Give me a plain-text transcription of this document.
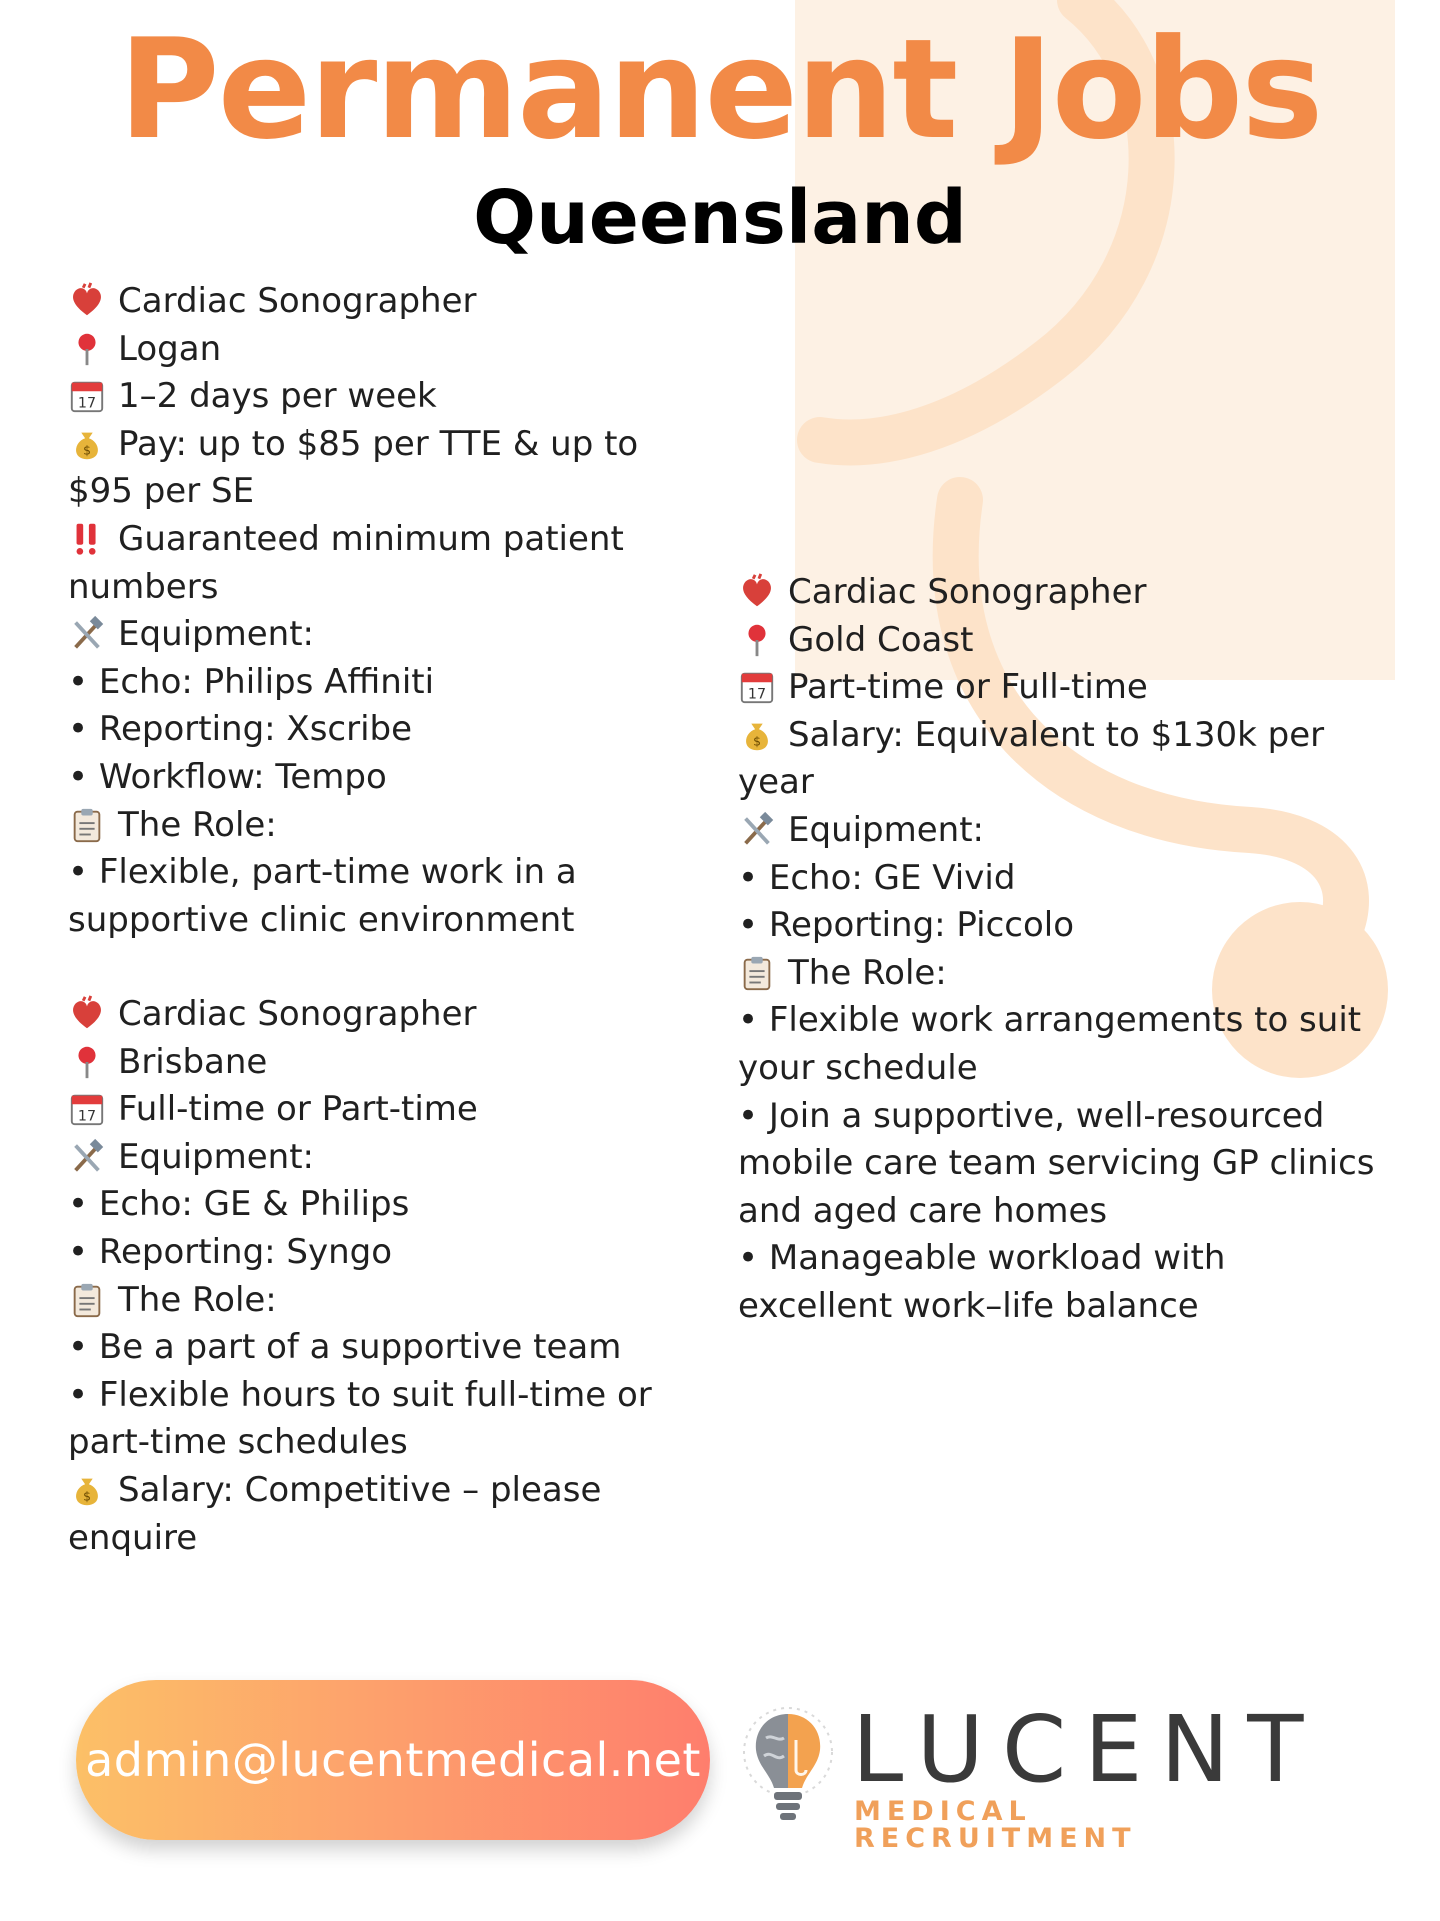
Permanent Jobs
Queensland
Cardiac Sonographer
Logan
17 1–2 days per week
$ Pay: up to $85 per TTE & up to
$95 per SE
Guaranteed minimum patient
numbers
Equipment:
• Echo: Philips Affiniti
• Reporting: Xscribe
• Workflow: Tempo
The Role:
• Flexible, part-time work in a
supportive clinic environment
Cardiac Sonographer
Brisbane
17 Full-time or Part-time
Equipment:
• Echo: GE & Philips
• Reporting: Syngo
The Role:
• Be a part of a supportive team
• Flexible hours to suit full-time or
part-time schedules
$ Salary: Competitive – please
enquire
Cardiac Sonographer
Gold Coast
17 Part-time or Full-time
$ Salary: Equivalent to $130k per
year
Equipment:
• Echo: GE Vivid
• Reporting: Piccolo
The Role:
• Flexible work arrangements to suit
your schedule
• Join a supportive, well-resourced
mobile care team servicing GP clinics
and aged care homes
• Manageable workload with
excellent work–life balance
admin@lucentmedical.net LUCENT
MEDICAL RECRUITMENT
